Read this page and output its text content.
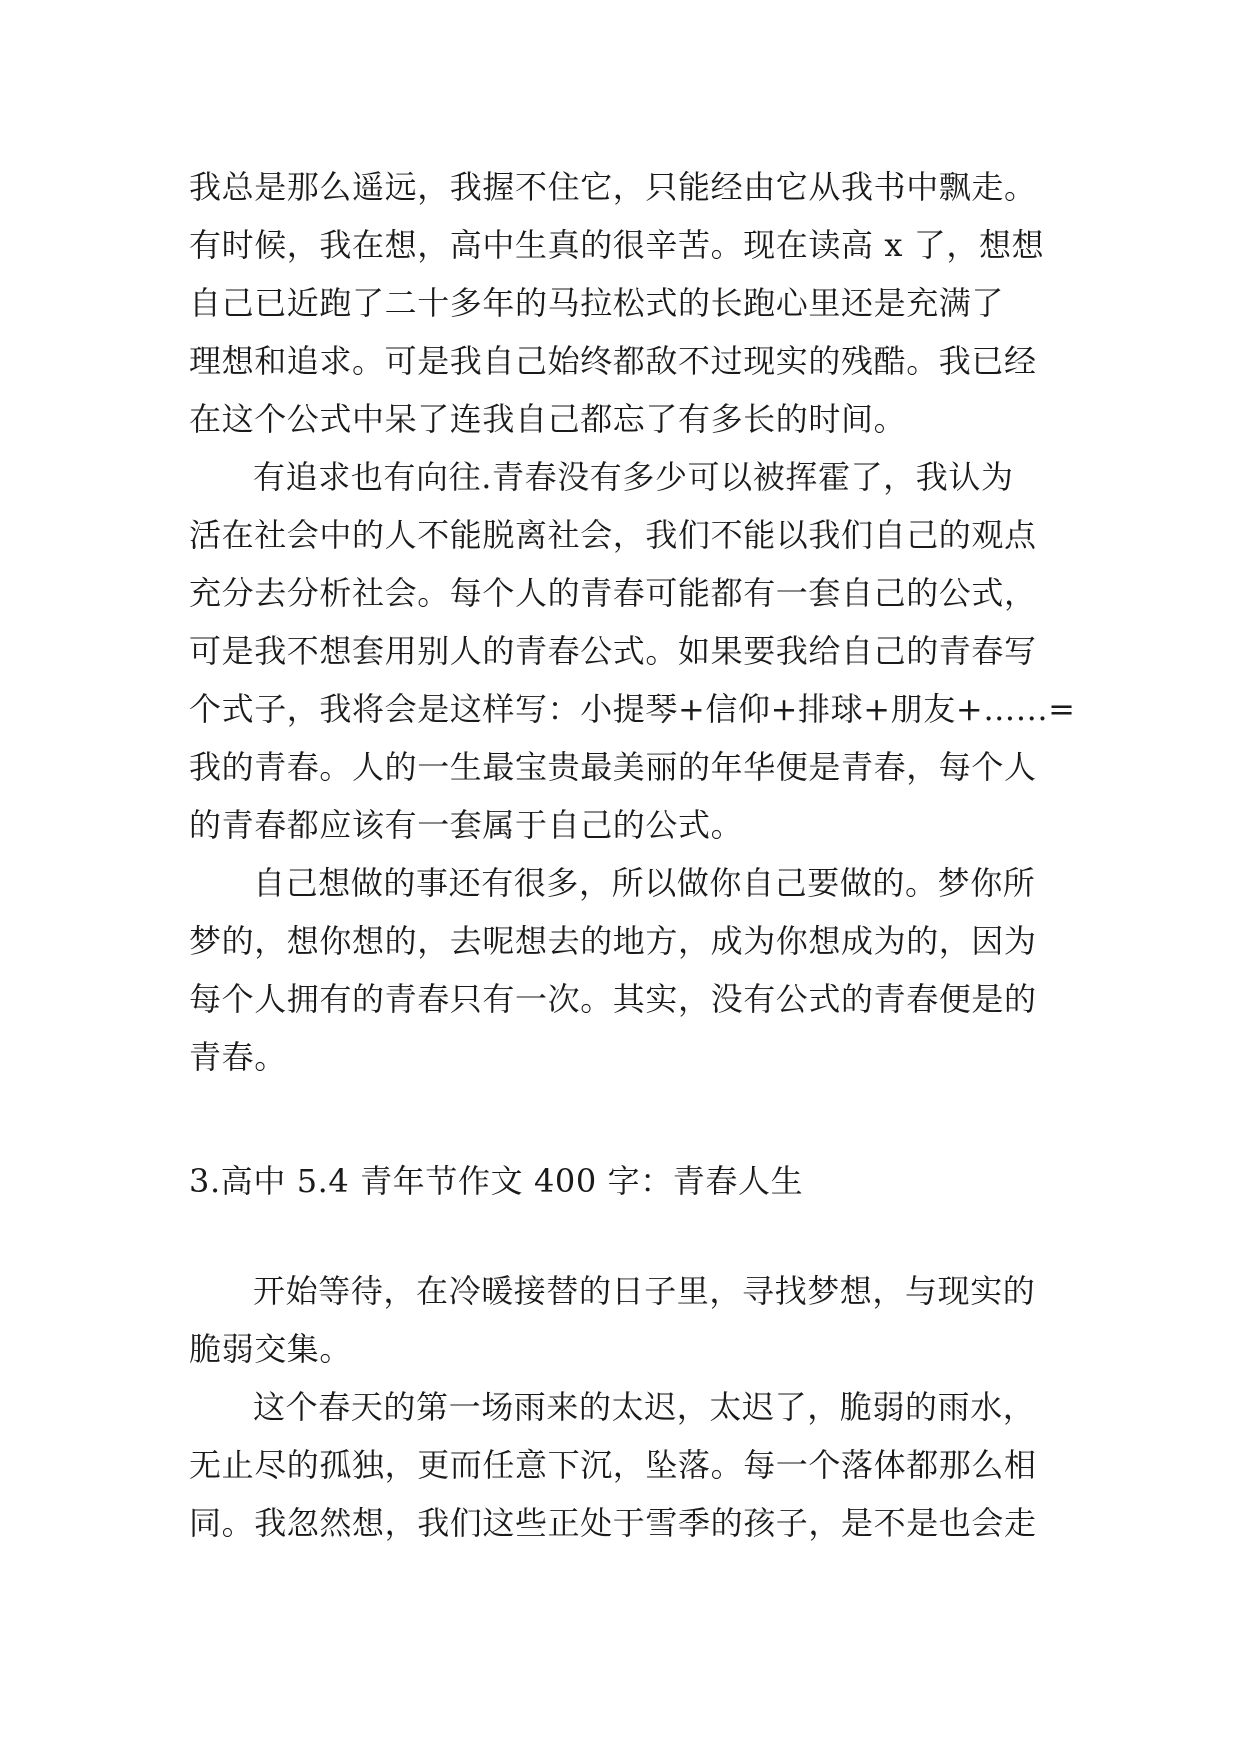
我总是那么遥远，我握不住它，只能经由它从我书中飘走。
有时候，我在想，高中生真的很辛苦。现在读高 x 了，想想
自己已近跑了二十多年的马拉松式的长跑心里还是充满了
理想和追求。可是我自己始终都敌不过现实的残酷。我已经
在这个公式中呆了连我自己都忘了有多长的时间。
有追求也有向往.青春没有多少可以被挥霍了，我认为
活在社会中的人不能脱离社会，我们不能以我们自己的观点
充分去分析社会。每个人的青春可能都有一套自己的公式，
可是我不想套用别人的青春公式。如果要我给自己的青春写
个式子，我将会是这样写：小提琴+信仰+排球+朋友+…...=
我的青春。人的一生最宝贵最美丽的年华便是青春，每个人
的青春都应该有一套属于自己的公式。
自己想做的事还有很多，所以做你自己要做的。梦你所
梦的，想你想的，去呢想去的地方，成为你想成为的，因为
每个人拥有的青春只有一次。其实，没有公式的青春便是的
青春。
3.高中 5.4 青年节作文 400 字：青春人生
开始等待，在冷暖接替的日子里，寻找梦想，与现实的
脆弱交集。
这个春天的第一场雨来的太迟，太迟了，脆弱的雨水，
无止尽的孤独，更而任意下沉，坠落。每一个落体都那么相
同。我忽然想，我们这些正处于雪季的孩子，是不是也会走
